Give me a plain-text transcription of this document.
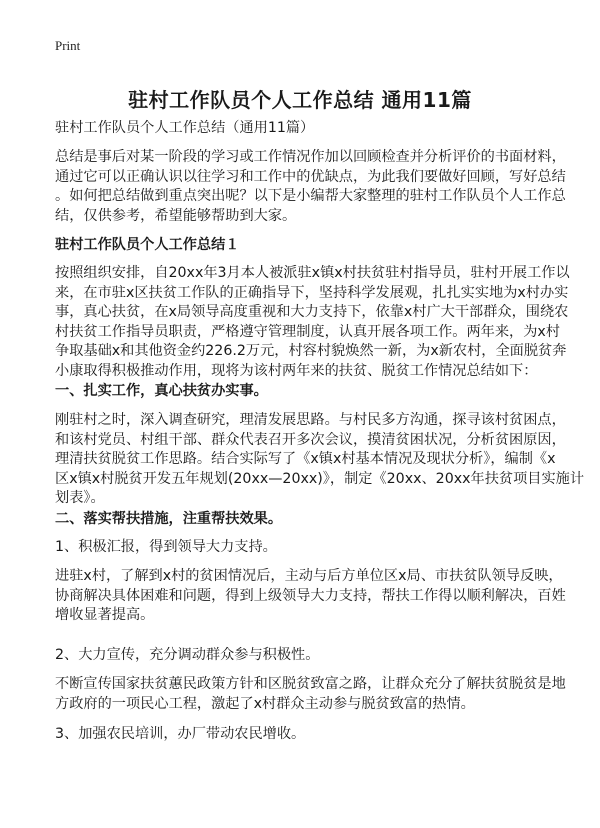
Print
驻村工作队员个人工作总结 通用11篇
驻村工作队员个人工作总结（通用11篇）
总结是事后对某一阶段的学习或工作情况作加以回顾检查并分析评价的书面材料，
通过它可以正确认识以往学习和工作中的优缺点，为此我们要做好回顾，写好总结
。如何把总结做到重点突出呢？以下是小编帮大家整理的驻村工作队员个人工作总
结，仅供参考，希望能够帮助到大家。
驻村工作队员个人工作总结１
按照组织安排，自20xx年3月本人被派驻x镇x村扶贫驻村指导员，驻村开展工作以
来，在市驻x区扶贫工作队的正确指导下，坚持科学发展观，扎扎实实地为x村办实
事，真心扶贫，在x局领导高度重视和大力支持下，依靠x村广大干部群众，围绕农
村扶贫工作指导员职责，严格遵守管理制度，认真开展各项工作。两年来，为x村
争取基础x和其他资金约226.2万元，村容村貌焕然一新，为x新农村，全面脱贫奔
小康取得积极推动作用，现将为该村两年来的扶贫、脱贫工作情况总结如下：
一、扎实工作，真心扶贫办实事。
刚驻村之时，深入调查研究，理清发展思路。与村民多方沟通，探寻该村贫困点，
和该村党员、村组干部、群众代表召开多次会议，摸清贫困状况，分析贫困原因，
理清扶贫脱贫工作思路。结合实际写了《x镇x村基本情况及现状分析》，编制《x
区x镇x村脱贫开发五年规划(20xx—20xx)》，制定《20xx、20xx年扶贫项目实施计
划表》。
二、落实帮扶措施，注重帮扶效果。
1、积极汇报，得到领导大力支持。
进驻x村，了解到x村的贫困情况后，主动与后方单位区x局、市扶贫队领导反映，
协商解决具体困难和问题，得到上级领导大力支持，帮扶工作得以顺利解决，百姓
增收显著提高。
2、大力宣传，充分调动群众参与积极性。
不断宣传国家扶贫蕙民政策方针和区脱贫致富之路，让群众充分了解扶贫脱贫是地
方政府的一项民心工程，激起了x村群众主动参与脱贫致富的热情。
3、加强农民培训，办厂带动农民增收。
